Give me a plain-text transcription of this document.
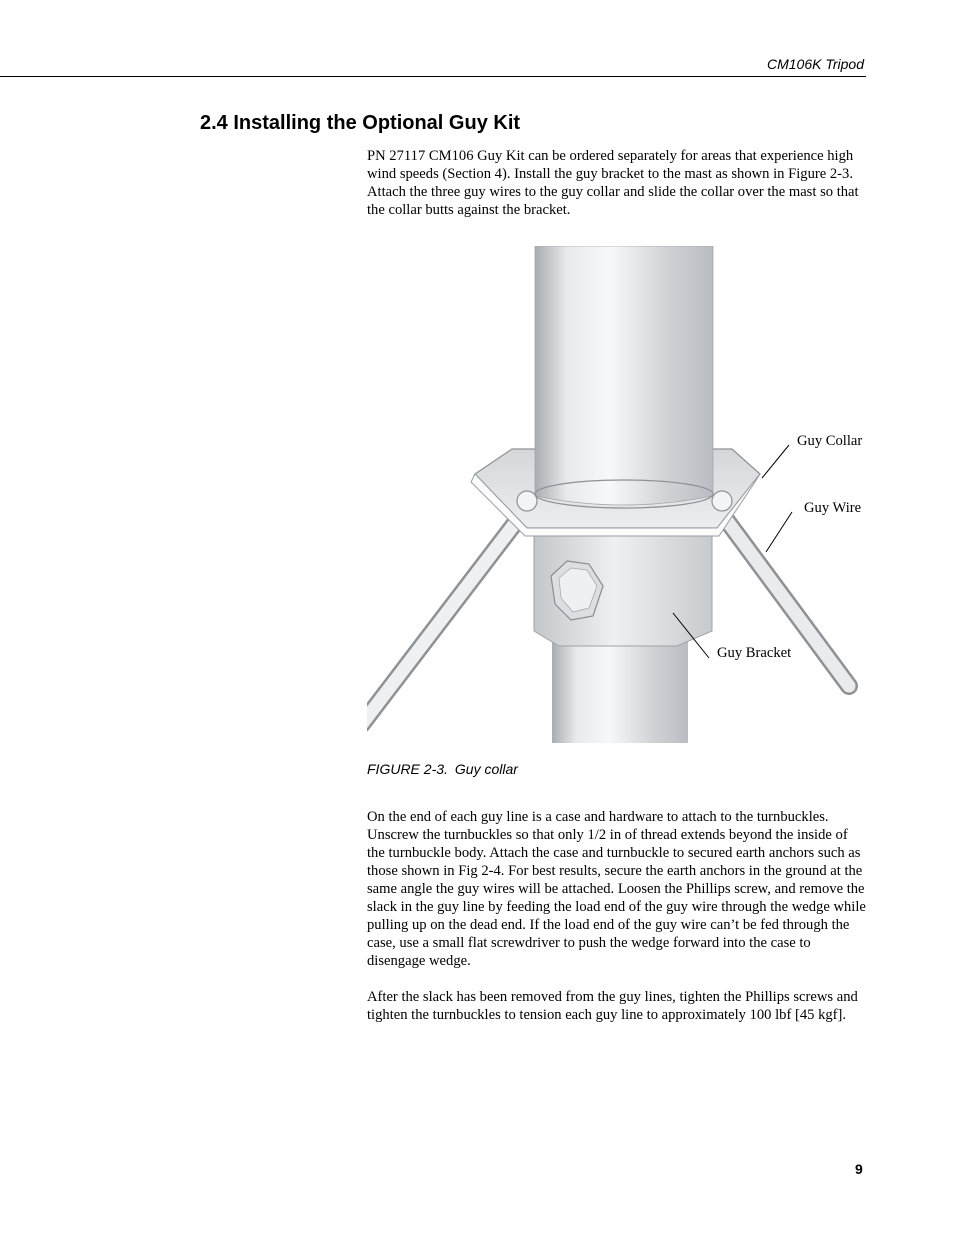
CM106K Tripod
2.4 Installing the Optional Guy Kit

PN 27117 CM106 Guy Kit can be ordered separately for areas that experience high wind speeds (Section 4). Install the guy bracket to the mast as shown in Figure 2-3. Attach the three guy wires to the guy collar and slide the collar over the mast so that the collar butts against the bracket.

Guy Collar
Guy Wire
Guy Bracket
FIGURE 2-3. Guy collar

On the end of each guy line is a case and hardware to attach to the turnbuckles. Unscrew the turnbuckles so that only 1/2 in of thread extends beyond the inside of the turnbuckle body. Attach the case and turnbuckle to secured earth anchors such as those shown in Fig 2-4. For best results, secure the earth anchors in the ground at the same angle the guy wires will be attached. Loosen the Phillips screw, and remove the slack in the guy line by feeding the load end of the guy wire through the wedge while pulling up on the dead end. If the load end of the guy wire can’t be fed through the case, use a small flat screwdriver to push the wedge forward into the case to disengage wedge.

After the slack has been removed from the guy lines, tighten the Phillips screws and tighten the turnbuckles to tension each guy line to approximately 100 lbf [45 kgf].

9
